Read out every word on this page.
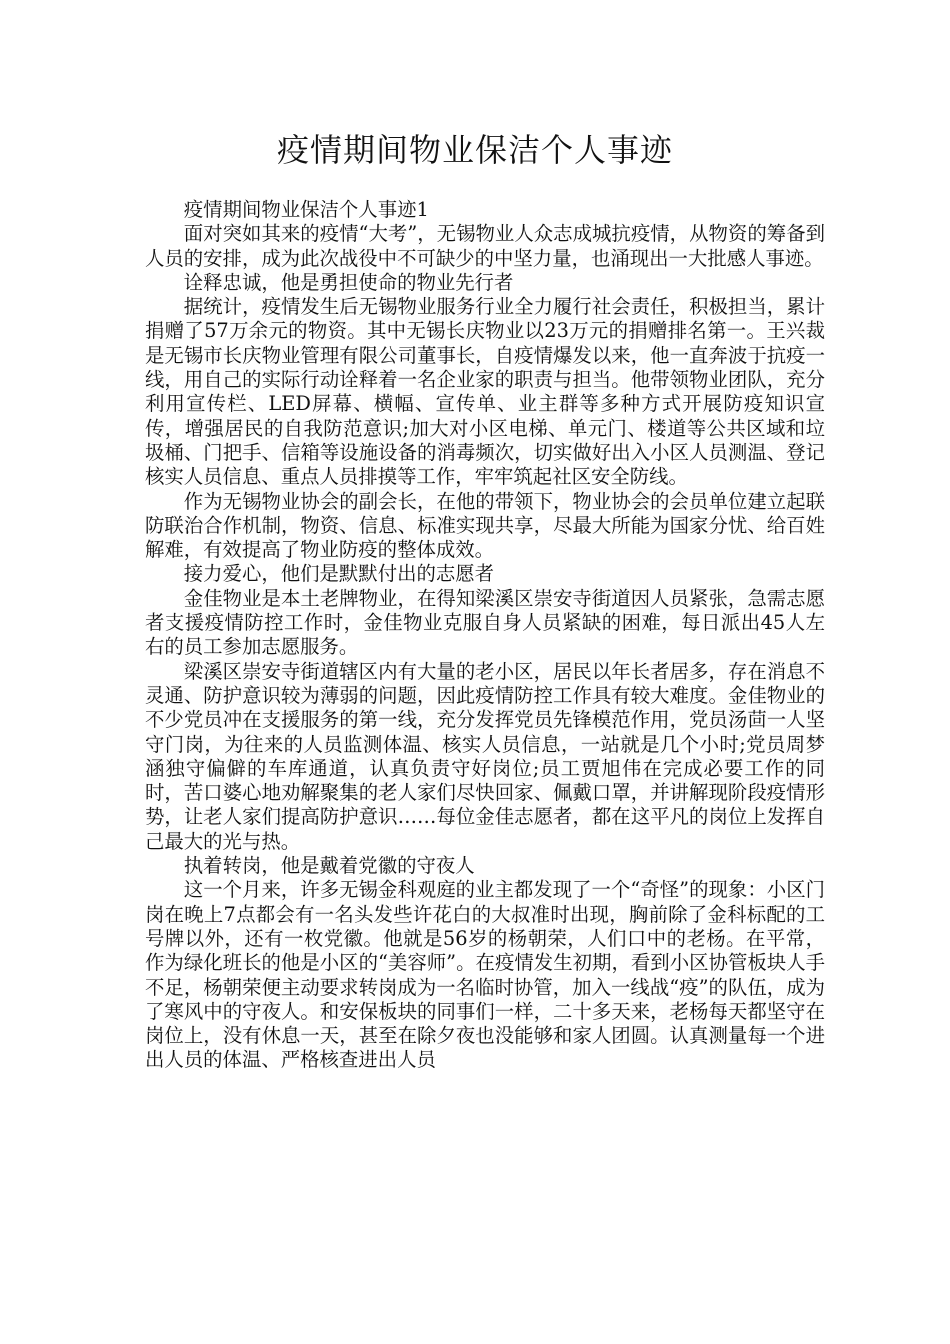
疫情期间物业保洁个人事迹

疫情期间物业保洁个人事迹1

面对突如其来的疫情“大考”，无锡物业人众志成城抗疫情，从物资的筹备到人员的安排，成为此次战役中不可缺少的中坚力量，也涌现出一大批感人事迹。

诠释忠诚，他是勇担使命的物业先行者

据统计，疫情发生后无锡物业服务行业全力履行社会责任，积极担当，累计捐赠了57万余元的物资。其中无锡长庆物业以23万元的捐赠排名第一。王兴裁是无锡市长庆物业管理有限公司董事长，自疫情爆发以来，他一直奔波于抗疫一线，用自己的实际行动诠释着一名企业家的职责与担当。他带领物业团队，充分利用宣传栏、LED屏幕、横幅、宣传单、业主群等多种方式开展防疫知识宣传，增强居民的自我防范意识;加大对小区电梯、单元门、楼道等公共区域和垃圾桶、门把手、信箱等设施设备的消毒频次，切实做好出入小区人员测温、登记核实人员信息、重点人员排摸等工作，牢牢筑起社区安全防线。

作为无锡物业协会的副会长，在他的带领下，物业协会的会员单位建立起联防联治合作机制，物资、信息、标准实现共享，尽最大所能为国家分忧、给百姓解难，有效提高了物业防疫的整体成效。

接力爱心，他们是默默付出的志愿者

金佳物业是本土老牌物业，在得知梁溪区崇安寺街道因人员紧张，急需志愿者支援疫情防控工作时，金佳物业克服自身人员紧缺的困难，每日派出45人左右的员工参加志愿服务。

梁溪区崇安寺街道辖区内有大量的老小区，居民以年长者居多，存在消息不灵通、防护意识较为薄弱的问题，因此疫情防控工作具有较大难度。金佳物业的不少党员冲在支援服务的第一线，充分发挥党员先锋模范作用，党员汤茴一人坚守门岗，为往来的人员监测体温、核实人员信息，一站就是几个小时;党员周梦涵独守偏僻的车库通道，认真负责守好岗位;员工贾旭伟在完成必要工作的同时，苦口婆心地劝解聚集的老人家们尽快回家、佩戴口罩，并讲解现阶段疫情形势，让老人家们提高防护意识……每位金佳志愿者，都在这平凡的岗位上发挥自己最大的光与热。

执着转岗，他是戴着党徽的守夜人

这一个月来，许多无锡金科观庭的业主都发现了一个“奇怪”的现象：小区门岗在晚上7点都会有一名头发些许花白的大叔准时出现，胸前除了金科标配的工号牌以外，还有一枚党徽。他就是56岁的杨朝荣，人们口中的老杨。在平常，作为绿化班长的他是小区的“美容师”。在疫情发生初期，看到小区协管板块人手不足，杨朝荣便主动要求转岗成为一名临时协管，加入一线战“疫”的队伍，成为了寒风中的守夜人。和安保板块的同事们一样，二十多天来，老杨每天都坚守在岗位上，没有休息一天，甚至在除夕夜也没能够和家人团圆。认真测量每一个进出人员的体温、严格核查进出人员
